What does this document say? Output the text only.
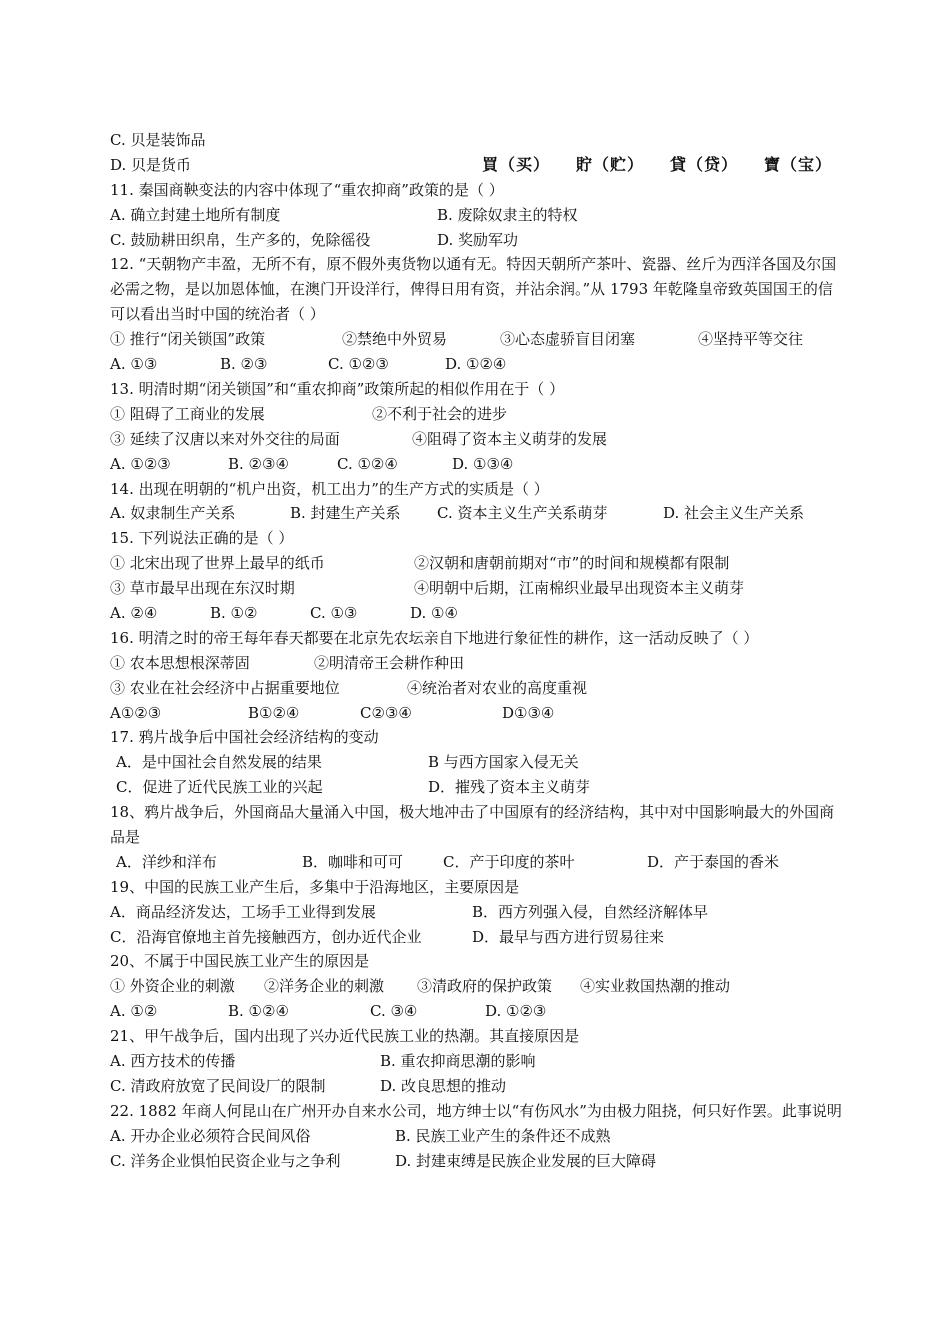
C. 贝是装饰品
D. 贝是货币	買（买） 貯（贮） 貸（贷） 寶（宝）
11. 秦国商鞅变法的内容中体现了“重农抑商”政策的是（ ）
A. 确立封建土地所有制度	B. 废除奴隶主的特权
C. 鼓励耕田织帛，生产多的，免除徭役	D. 奖励军功
12. “天朝物产丰盈，无所不有，原不假外夷货物以通有无。特因天朝所产茶叶、瓷器、丝斤为西洋各国及尔国必需之物，是以加恩体恤，在澳门开设洋行，俾得日用有资，并沾余润。”从 1793 年乾隆皇帝致英国国王的信可以看出当时中国的统治者（ ）
① 推行“闭关锁国”政策	②禁绝中外贸易	③心态虚骄盲目闭塞	④坚持平等交往
A. ①③	B. ②③	C. ①②③	D. ①②④
13. 明清时期“闭关锁国”和“重农抑商”政策所起的相似作用在于（ ）
① 阻碍了工商业的发展	②不利于社会的进步
③ 延续了汉唐以来对外交往的局面	④阻碍了资本主义萌芽的发展
A. ①②③	B. ②③④	C. ①②④	D. ①③④
14. 出现在明朝的“机户出资，机工出力”的生产方式的实质是（ ）
A. 奴隶制生产关系	B. 封建生产关系 C. 资本主义生产关系萌芽	D. 社会主义生产关系
15. 下列说法正确的是（ ）
① 北宋出现了世界上最早的纸币	②汉朝和唐朝前期对“市”的时间和规模都有限制
③ 草市最早出现在东汉时期	④明朝中后期，江南棉织业最早出现资本主义萌芽
A. ②④	B. ①②	C. ①③	D. ①④
16. 明清之时的帝王每年春天都要在北京先农坛亲自下地进行象征性的耕作，这一活动反映了（ ）
① 农本思想根深蒂固	②明清帝王会耕作种田
③ 农业在社会经济中占据重要地位	④统治者对农业的高度重视
A①②③	B①②④	C②③④	D①③④
17. 鸦片战争后中国社会经济结构的变动
A．是中国社会自然发展的结果	B 与西方国家入侵无关
C．促进了近代民族工业的兴起	D．摧残了资本主义萌芽
18、鸦片战争后，外国商品大量涌入中国，极大地冲击了中国原有的经济结构，其中对中国影响最大的外国商品是
A．洋纱和洋布	B．咖啡和可可	C．产于印度的茶叶	D．产于泰国的香米
19、中国的民族工业产生后，多集中于沿海地区，主要原因是
A．商品经济发达，工场手工业得到发展	B．西方列强入侵，自然经济解体早
C．沿海官僚地主首先接触西方，创办近代企业	D．最早与西方进行贸易往来
20、不属于中国民族工业产生的原因是
① 外资企业的刺激 ②洋务企业的刺激 ③清政府的保护政策 ④实业救国热潮的推动
A. ①②	B. ①②④	C. ③④	D. ①②③
21、甲午战争后，国内出现了兴办近代民族工业的热潮。其直接原因是
A. 西方技术的传播	B. 重农抑商思潮的影响
C. 清政府放宽了民间设厂的限制	D. 改良思想的推动
22. 1882 年商人何昆山在广州开办自来水公司，地方绅士以“有伤风水”为由极力阻挠，何只好作罢。此事说明
A. 开办企业必须符合民间风俗	B. 民族工业产生的条件还不成熟
C. 洋务企业惧怕民资企业与之争利	D. 封建束缚是民族企业发展的巨大障碍
